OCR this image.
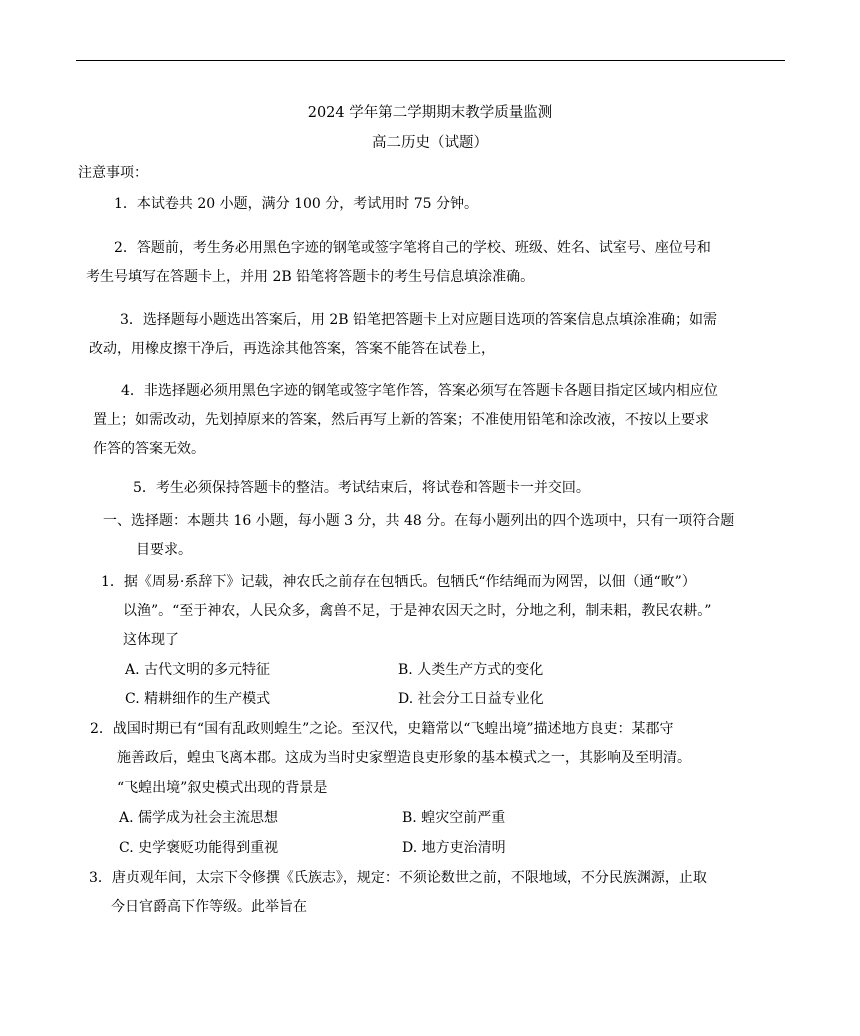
2024 学年第二学期期末教学质量监测
高二历史（试题）
注意事项：
1．本试卷共 20 小题，满分 100 分，考试用时 75 分钟。
2．答题前，考生务必用黑色字迹的钢笔或签字笔将自己的学校、班级、姓名、试室号、座位号和
考生号填写在答题卡上，并用 2B 铅笔将答题卡的考生号信息填涂准确。
3．选择题每小题选出答案后，用 2B 铅笔把答题卡上对应题目选项的答案信息点填涂准确；如需
改动，用橡皮擦干净后，再选涂其他答案，答案不能答在试卷上，
4．非选择题必须用黑色字迹的钢笔或签字笔作答，答案必须写在答题卡各题目指定区域内相应位
置上；如需改动，先划掉原来的答案，然后再写上新的答案；不准使用铅笔和涂改液，不按以上要求
作答的答案无效。
5．考生必须保持答题卡的整洁。考试结束后，将试卷和答题卡一并交回。
一、选择题：本题共 16 小题，每小题 3 分，共 48 分。在每小题列出的四个选项中，只有一项符合题
目要求。
1．据《周易·系辞下》记载，神农氏之前存在包牺氏。包牺氏“作结绳而为网罟，以佃（通“畋”）
以渔”。“至于神农，人民众多，禽兽不足，于是神农因天之时，分地之利，制耒耜，教民农耕。”
这体现了
A. 古代文明的多元特征	B. 人类生产方式的变化
C. 精耕细作的生产模式	D. 社会分工日益专业化
2．战国时期已有“国有乱政则蝗生”之论。至汉代，史籍常以“飞蝗出境”描述地方良吏：某郡守
施善政后，蝗虫飞离本郡。这成为当时史家塑造良吏形象的基本模式之一，其影响及至明清。
“飞蝗出境”叙史模式出现的背景是
A. 儒学成为社会主流思想	B. 蝗灾空前严重
C. 史学褒贬功能得到重视	D. 地方吏治清明
3．唐贞观年间，太宗下令修撰《氏族志》，规定：不须论数世之前，不限地域，不分民族渊源，止取
今日官爵高下作等级。此举旨在
